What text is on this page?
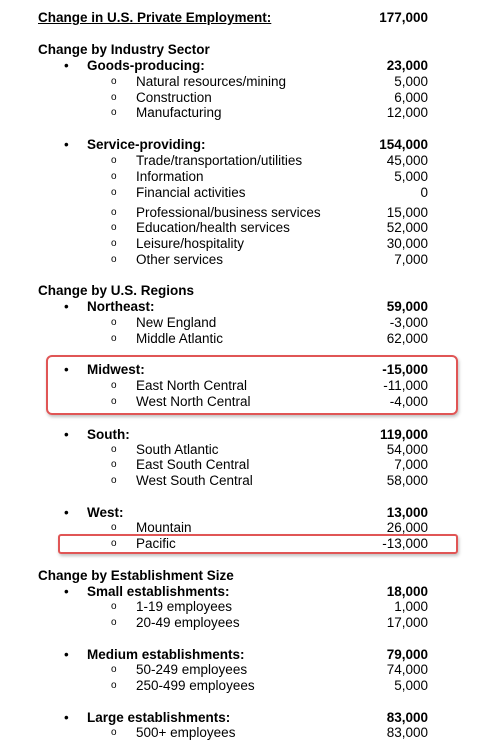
Change in U.S. Private Employment:	177,000
Change by Industry Sector
• Goods-producing:	23,000
o Natural resources/mining	5,000
o Construction	6,000
o Manufacturing	12,000
• Service-providing:	154,000
o Trade/transportation/utilities	45,000
o Information	5,000
o Financial activities	0
o Professional/business services	15,000
o Education/health services	52,000
o Leisure/hospitality	30,000
o Other services	7,000
Change by U.S. Regions
• Northeast:	59,000
o New England	-3,000
o Middle Atlantic	62,000
• Midwest:	-15,000
o East North Central	-11,000
o West North Central	-4,000
• South:	119,000
o South Atlantic	54,000
o East South Central	7,000
o West South Central	58,000
• West:	13,000
o Mountain	26,000
o Pacific	-13,000
Change by Establishment Size
• Small establishments:	18,000
o 1-19 employees	1,000
o 20-49 employees	17,000
• Medium establishments:	79,000
o 50-249 employees	74,000
o 250-499 employees	5,000
• Large establishments:	83,000
o 500+ employees	83,000
